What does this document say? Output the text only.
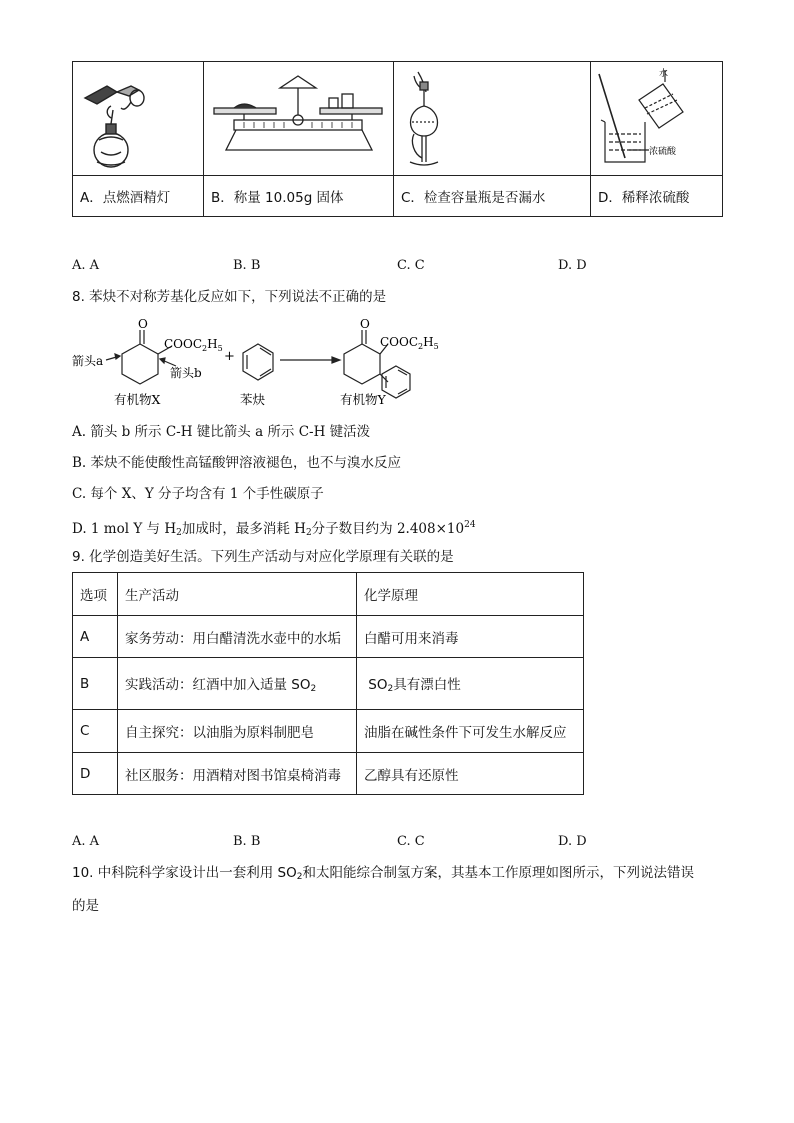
水
浓硫酸

A．点燃酒精灯	B．称量 10.05g 固体	C．检查容量瓶是否漏水	D．稀释浓硫酸
A. A	B. B	C. C	D. D
8. 苯炔不对称芳基化反应如下，下列说法不正确的是
O	O
$COOC_2H_5$	$COOC_2H_5$
箭头a
箭头b
+
有机物X	苯炔	有机物Y
A. 箭头 b 所示 C-H 键比箭头 a 所示 C-H 键活泼
B. 苯炔不能使酸性高锰酸钾溶液褪色，也不与溴水反应
C. 每个 X、Y 分子均含有 1 个手性碳原子
D. 1 mol Y 与 $H_2$加成时，最多消耗 $H_2$分子数目约为 $2.408\times 10^{24}$
9. 化学创造美好生活。下列生产活动与对应化学原理有关联的是
选项	生产活动	化学原理
A	家务劳动：用白醋清洗水壶中的水垢	白醋可用来消毒
B	实践活动：红酒中加入适量 $SO_2$	$SO_2$具有漂白性
C	自主探究：以油脂为原料制肥皂	油脂在碱性条件下可发生水解反应
D	社区服务：用酒精对图书馆桌椅消毒	乙醇具有还原性
A. A	B. B	C. C	D. D
10. 中科院科学家设计出一套利用 $SO_2$和太阳能综合制氢方案，其基本工作原理如图所示，下列说法错误
的是
